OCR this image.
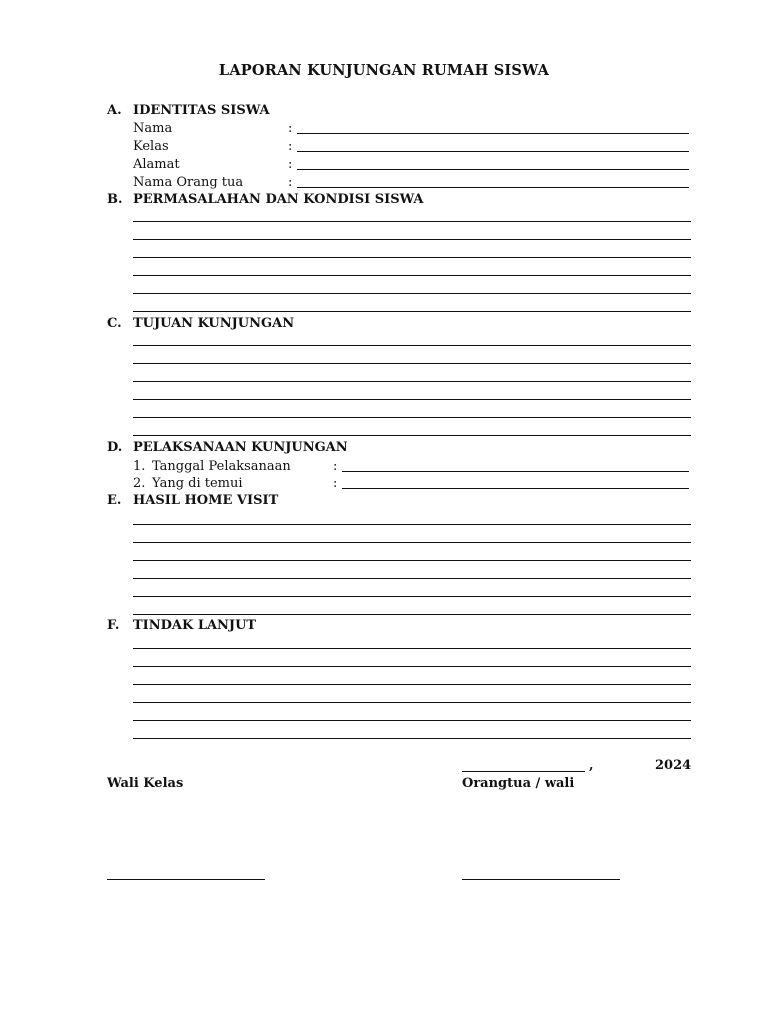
LAPORAN KUNJUNGAN RUMAH SISWA
A. IDENTITAS SISWA
Nama	:
Kelas	:
Alamat	:
Nama Orang tua	:
B. PERMASALAHAN DAN KONDISI SISWA
C. TUJUAN KUNJUNGAN
D. PELAKSANAAN KUNJUNGAN
1. Tanggal Pelaksanaan	:
2. Yang di temui	:
E. HASIL HOME VISIT
F. TINDAK LANJUT
,	2024
Wali Kelas	Orangtua / wali
